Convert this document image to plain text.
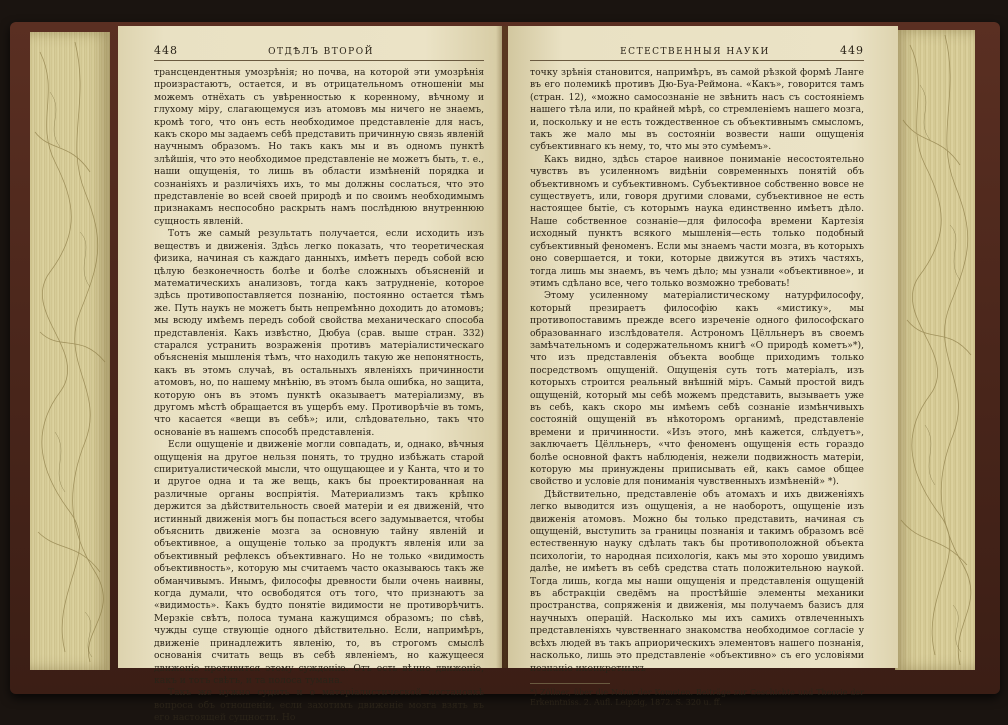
448	ОТДѢЛЪ ВТОРОЙ

трансцендентныя умозрѣнія; но почва, на которой эти умозрѣнія произрастаютъ, остается, и въ отрицательномъ отношеніи мы можемъ отнёхать съ увѣренностью к коренному, вѣчному и глухому міру, слагающемуся изъ атомовъ мы ничего не знаемъ, кромѣ того, что онъ есть необходимое представленіе для насъ, какъ скоро мы задаемъ себѣ представить причинную связь явленій научнымъ образомъ. Но такъ какъ мы и въ одномъ пунктѣ злѣйшія, что это необходимое представленіе не можетъ быть, т. е., наши ощущенія, то лишь въ области измѣненій порядка и сознаніяхъ и различіяхъ ихъ, то мы должны сослаться, что это представленіе во всей своей природѣ и по своимъ необходимымъ признакамъ неспособно раскрыть намъ послѣднюю внутреннюю сущность явленій.

Тотъ же самый результатъ получается, если исходить изъ веществъ и движенія. Здѣсь легко показать, что теоретическая физика, начиная съ каждаго данныхъ, имѣетъ передъ собой всю цѣлую безконечность болѣе и болѣе сложныхъ объясненій и математическихъ анализовъ, тогда какъ затрудненіе, которое здѣсь противопоставляется познанію, постоянно остается тѣмъ же. Путь наукъ не можетъ быть непремѣнно доходить до атомовъ; мы всюду имѣемъ передъ собой свойства механическаго способа представленія. Какъ извѣстно, Дюбуа (срав. выше стран. 332) старался устранить возраженія противъ матеріалистическаго объясненія мышленія тѣмъ, что находилъ такую же непонятность, какъ въ этомъ случаѣ, въ остальныхъ явленіяхъ причинности атомовъ, но, по нашему мнѣнію, въ этомъ была ошибка, но защита, которую онъ въ этомъ пунктѣ оказываетъ матеріализму, въ другомъ мѣстѣ обращается въ ущербъ ему. Противорѣчіе въ томъ, что касается «вещи въ себѣ»; или, слѣдовательно, такъ что основаніе въ нашемъ способѣ представленія.

Если ощущеніе и движеніе могли совпадать, и, однако, вѣчныя ощущенія на другое нельзя понять, то трудно избѣжать старой спиритуалистической мысли, что ощущающее и у Канта, что и то и другое одна и та же вещь, какъ бы проектированная на различные органы воспріятія. Материализмъ такъ крѣпко держится за дѣйствительность своей матеріи и ея движеній, что истинный движенія могъ бы попасться всего задумывается, чтобы объяснить движеніе мозга за основную тайну явленій и объективное, а ощущеніе только за продуктъ явленія или за объективный рефлексъ объективнаго. Но не только «видимость объективность», которую мы считаемъ часто оказываюсь такъ же обманчивымъ. Инымъ, философы древности были очень наивны, когда думали, что освободятся отъ того, что признаютъ за «видимость». Какъ будто понятіе видимости не противорѣчитъ. Мерзкіе свѣтъ, полоса тумана кажущимся образомъ; по сѣвѣ, чужды суще ствующіе одного дѣйствительно. Если, напримѣръ, движеніе принадлежитъ явленію, то, въ строгомъ смыслѣ основанія считать вещь въ себѣ явленіемъ, но кажущееся движеніе противится этому сужденію. Отъ есть вѣчно движеніе, какъ и тотъ свѣтъ, и та полоса тумана.

Такъ же нужно судить и о матеріалистической постановкѣ вопроса объ отношеніи, если захотимъ движеніе мозга взять въ его настоящей сущности. Но

ЕСТЕСТВЕННЫЯ НАУКИ	449

точку зрѣнія становится, напримѣръ, въ самой рѣзкой формѣ Ланге въ его полемикѣ противъ Дю-Буа-Реймона. «Какъ», говорится тамъ (стран. 12), «можно самосознаніе не звѣнить насъ съ состояніемъ нашего тѣла или, по крайней мѣрѣ, со стремленіемъ нашего мозга, и, поскольку и не есть тождественное съ объективнымъ смысломъ, такъ же мало мы въ состояніи возвести наши ощущенія субъективнаго къ нему, то, что мы это сумѣемъ».

Какъ видно, здѣсь старое наивное пониманіе несостоятельно чувствъ въ усиленномъ видѣніи современныхъ понятій объ объективномъ и субъективномъ. Субъективное собственно вовсе не существуетъ, или, говоря другими словами, субъективное не есть настоящее бытіе, съ которымъ наука единственно имѣетъ дѣло. Наше собственное сознаніе—для философа времени Картезія исходный пунктъ всякого мышленія—есть только подобный субъективный феноменъ. Если мы знаемъ части мозга, въ которыхъ оно совершается, и токи, которые движутся въ этихъ частяхъ, тогда лишь мы знаемъ, въ чемъ дѣло; мы узнали «объективное», и этимъ сдѣлано все, чего только возможно требовать!

Этому усиленному матеріалистическому натурфилософу, который презираетъ философію какъ «мистику», мы противопоставимъ прежде всего изреченіе одного философскаго образованнаго изслѣдователя. Астрономъ Цёлльнеръ въ своемъ замѣчательномъ и содержательномъ книгѣ «О природѣ кометъ»*), что изъ представленія объекта вообще приходимъ только посредствомъ ощущеній. Ощущенія суть тотъ матеріалъ, изъ которыхъ строится реальный внѣшній міръ. Самый простой видъ ощущеній, который мы себѣ можемъ представить, вызываетъ уже въ себѣ, какъ скоро мы имѣемъ себѣ сознаніе измѣнчивыхъ состояній ощущеній въ нѣкоторомъ органимѣ, представленіе времени и причинности. «Изъ этого, мнѣ кажется, слѣдуетъ», заключаетъ Цёлльнеръ, «что феноменъ ощущенія есть гораздо болѣе основной фактъ наблюденія, нежели подвижность матеріи, которую мы принуждены приписывать ей, какъ самое общее свойство и условіе для пониманія чувственныхъ измѣненій» *).

Дѣйствительно, представленіе объ атомахъ и ихъ движеніяхъ легко выводится изъ ощущенія, а не наоборотъ, ощущеніе изъ движенія атомовъ. Можно бы только представить, начиная съ ощущеній, выступить за границы познанія и такимъ образомъ всё естественную науку сдѣлать такъ бы противоположной объекта психологіи, то народная психологія, какъ мы это хорошо увидимъ далѣе, не имѣетъ въ себѣ средства стать положительною наукой. Тогда лишь, когда мы наши ощущенія и представленія ощущеній въ абстракціи сведёмъ на простѣйшіе элементы механики пространства, сопряженія и движенія, мы получаемъ базисъ для научныхъ операцій. Насколько мы ихъ самихъ отвлеченныхъ представленіяхъ чувственнаго знакомства необходимое согласіе у всѣхъ людей въ такъ априорическихъ элементовъ нашего познанія, насколько, лишь это представленіе «объективно» съ его условіями познаніе иконкретныхъ

*) Zöllner, über die Natur der Kometen. Beiträge zur Geschichte und Theorie der Erkenntniss. 2. Aufl. Leipzig, 1872. S. 320 u. ff.
